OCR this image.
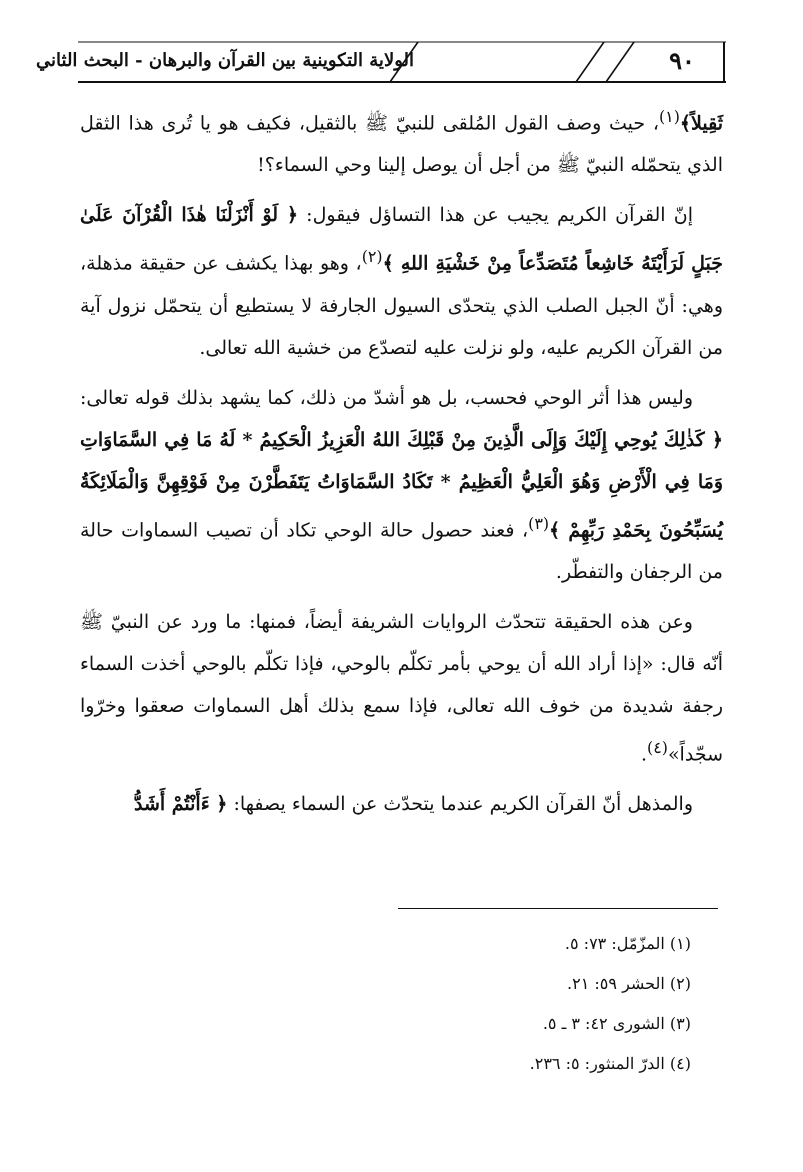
٩٠
الولاية التكوينية بين القرآن والبرهان - البحث الثاني

ثَقِيلاً﴾$^{(١)}$، حيث وصف القول المُلقى للنبيّ ﷺ بالثقيل، فكيف هو يا تُرى هذا الثقل الذي يتحمّله النبيّ ﷺ من أجل أن يوصل إلينا وحي السماء؟!

إنّ القرآن الكريم يجيب عن هذا التساؤل فيقول: ﴿ لَوْ أَنْزَلْنَا هٰذَا الْقُرْآنَ عَلَىٰ جَبَلٍ لَرَأَيْتَهُ خَاشِعاً مُتَصَدِّعاً مِنْ خَشْيَةِ اللهِ ﴾$^{(٢)}$، وهو بهذا يكشف عن حقيقة مذهلة، وهي: أنّ الجبل الصلب الذي يتحدّى السيول الجارفة لا يستطيع أن يتحمّل نزول آية من القرآن الكريم عليه، ولو نزلت عليه لتصدّع من خشية الله تعالى.

وليس هذا أثر الوحي فحسب، بل هو أشدّ من ذلك، كما يشهد بذلك قوله تعالى: ﴿ كَذٰلِكَ يُوحِي إِلَيْكَ وَإِلَى الَّذِينَ مِنْ قَبْلِكَ اللهُ الْعَزِيزُ الْحَكِيمُ * لَهُ مَا فِي السَّمَاوَاتِ وَمَا فِي الْأَرْضِ وَهُوَ الْعَلِيُّ الْعَظِيمُ * تَكَادُ السَّمَاوَاتُ يَتَفَطَّرْنَ مِنْ فَوْقِهِنَّ وَالْمَلَائِكَةُ يُسَبِّحُونَ بِحَمْدِ رَبِّهِمْ ﴾$^{(٣)}$، فعند حصول حالة الوحي تكاد أن تصيب السماوات حالة من الرجفان والتفطّر.

وعن هذه الحقيقة تتحدّث الروايات الشريفة أيضاً، فمنها: ما ورد عن النبيّ ﷺ أنّه قال: «إذا أراد الله أن يوحي بأمر تكلّم بالوحي، فإذا تكلّم بالوحي أخذت السماء رجفة شديدة من خوف الله تعالى، فإذا سمع بذلك أهل السماوات صعقوا وخرّوا سجّداً»$^{(٤)}$.

والمذهل أنّ القرآن الكريم عندما يتحدّث عن السماء يصفها: ﴿ ءَأَنْتُمْ أَشَدُّ

(١) المزّمّل: ٧٣: ٥.
(٢) الحشر ٥٩: ٢١.
(٣) الشورى ٤٢: ٣ ـ ٥.
(٤) الدرّ المنثور: ٥: ٢٣٦.
